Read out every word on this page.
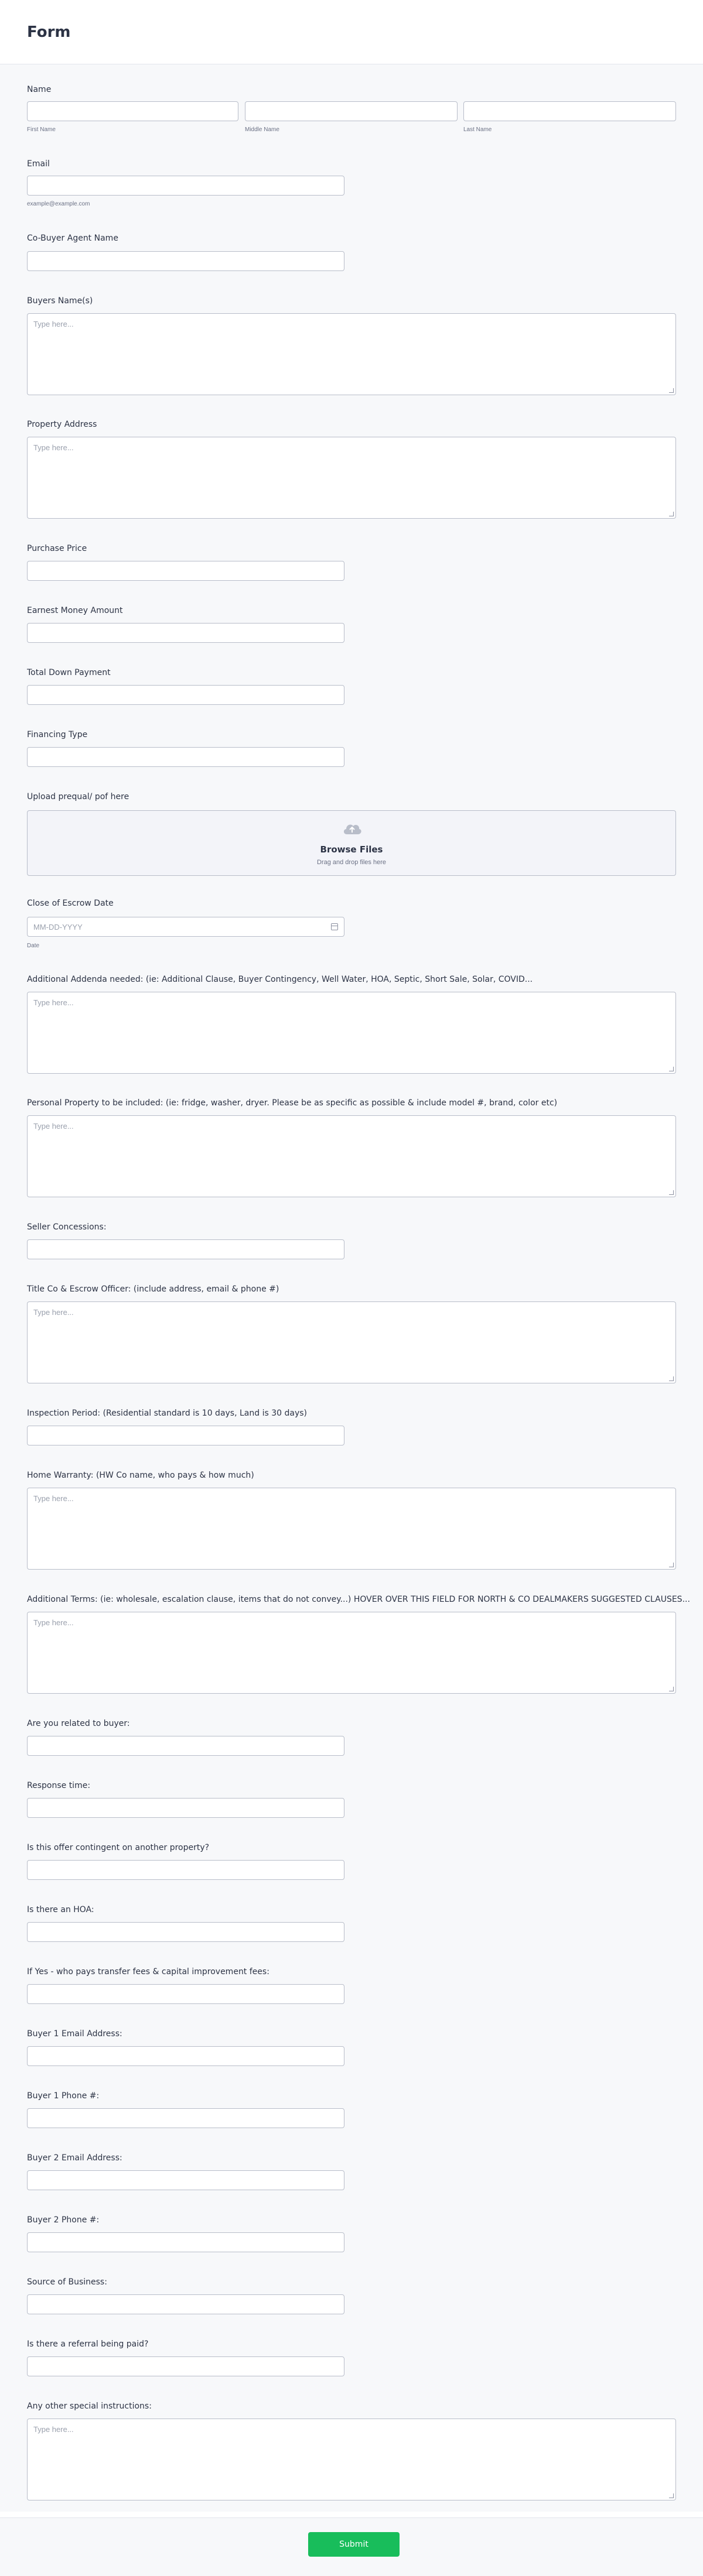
Form
Name
First Name	Middle Name	Last Name
Email
example@example.com
Co-Buyer Agent Name
Buyers Name(s)
Type here...
Property Address
Type here...
Purchase Price
Earnest Money Amount
Total Down Payment
Financing Type
Upload prequal/ pof here
Browse Files
Drag and drop files here
Close of Escrow Date
MM-DD-YYYY
Date
Additional Addenda needed: (ie: Additional Clause, Buyer Contingency, Well Water, HOA, Septic, Short Sale, Solar, COVID...
Type here...
Personal Property to be included: (ie: fridge, washer, dryer. Please be as specific as possible & include model #, brand, color etc)
Type here...
Seller Concessions:
Title Co & Escrow Officer: (include address, email & phone #)
Type here...
Inspection Period: (Residential standard is 10 days, Land is 30 days)
Home Warranty: (HW Co name, who pays & how much)
Type here...
Additional Terms: (ie: wholesale, escalation clause, items that do not convey...) HOVER OVER THIS FIELD FOR NORTH & CO DEALMAKERS SUGGESTED CLAUSES...
Type here...
Are you related to buyer:
Response time:
Is this offer contingent on another property?
Is there an HOA:
If Yes - who pays transfer fees & capital improvement fees:
Buyer 1 Email Address:
Buyer 1 Phone #:
Buyer 2 Email Address:
Buyer 2 Phone #:
Source of Business:
Is there a referral being paid?
Any other special instructions:
Type here...
Submit
